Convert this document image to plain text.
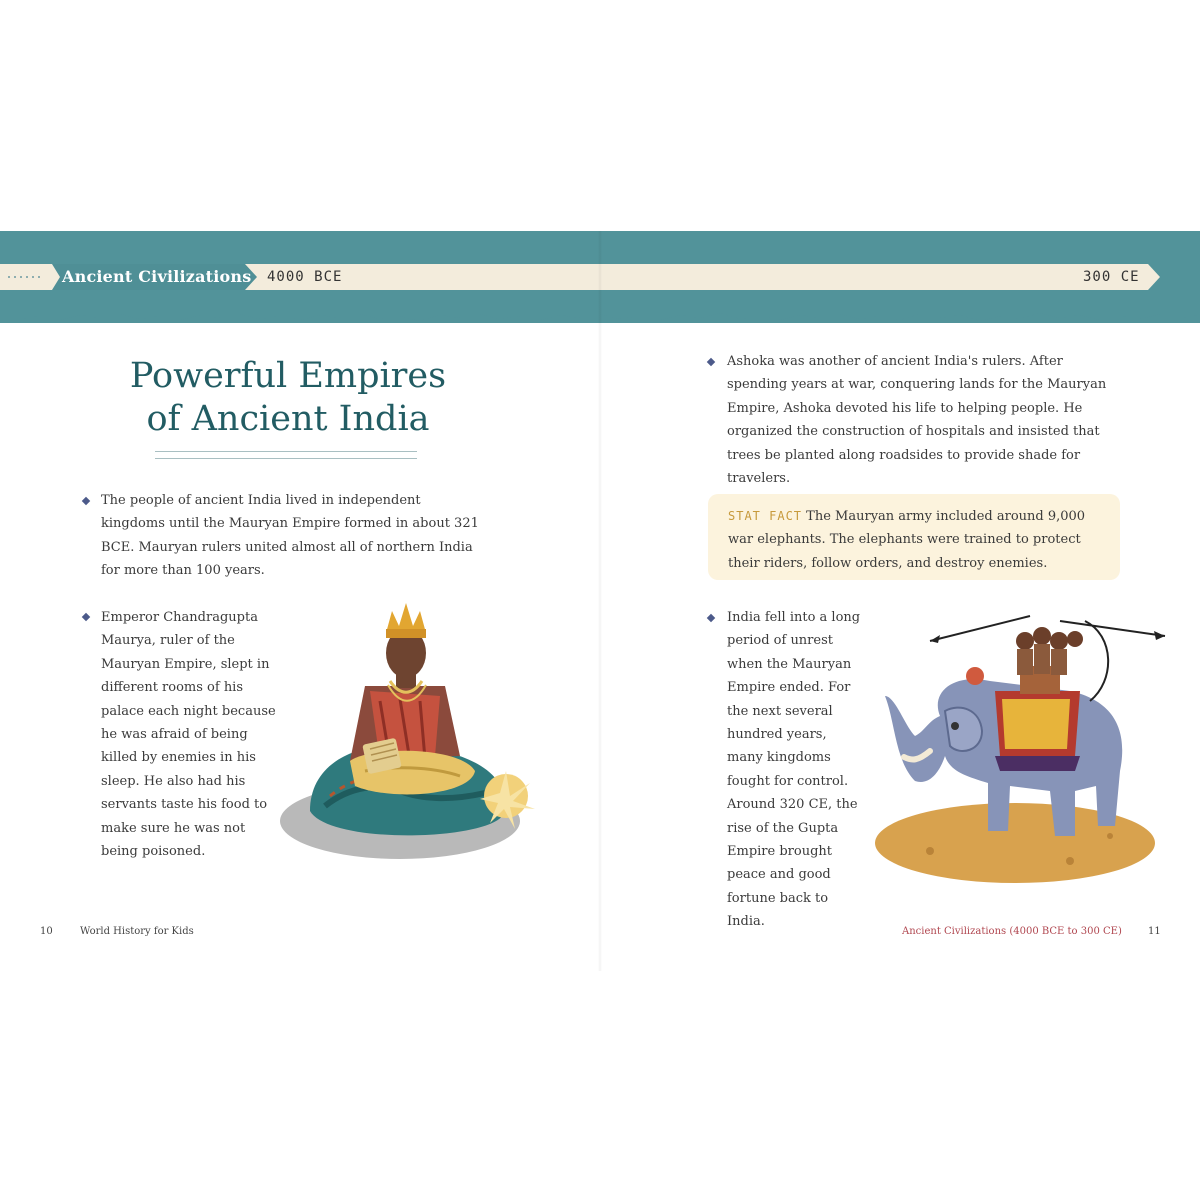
Ancient Civilizations 4000 BCE	300 CE
Powerful Empires
of Ancient India

The people of ancient India lived in independent kingdoms until the Mauryan Empire formed in about 321 BCE. Mauryan rulers united almost all of northern India for more than 100 years.

Emperor Chandragupta Maurya, ruler of the Mauryan Empire, slept in different rooms of his palace each night because he was afraid of being killed by enemies in his sleep. He also had his servants taste his food to make sure he was not being poisoned.

10	World History for Kids

Ashoka was another of ancient India's rulers. After spending years at war, conquering lands for the Mauryan Empire, Ashoka devoted his life to helping people. He organized the construction of hospitals and insisted that trees be planted along roadsides to provide shade for travelers.

STAT FACT The Mauryan army included around 9,000 war elephants. The elephants were trained to protect their riders, follow orders, and destroy enemies.

India fell into a long period of unrest when the Mauryan Empire ended. For the next several hundred years, many kingdoms fought for control. Around 320 CE, the rise of the Gupta Empire brought peace and good fortune back to India.

Ancient Civilizations (4000 BCE to 300 CE)	11
